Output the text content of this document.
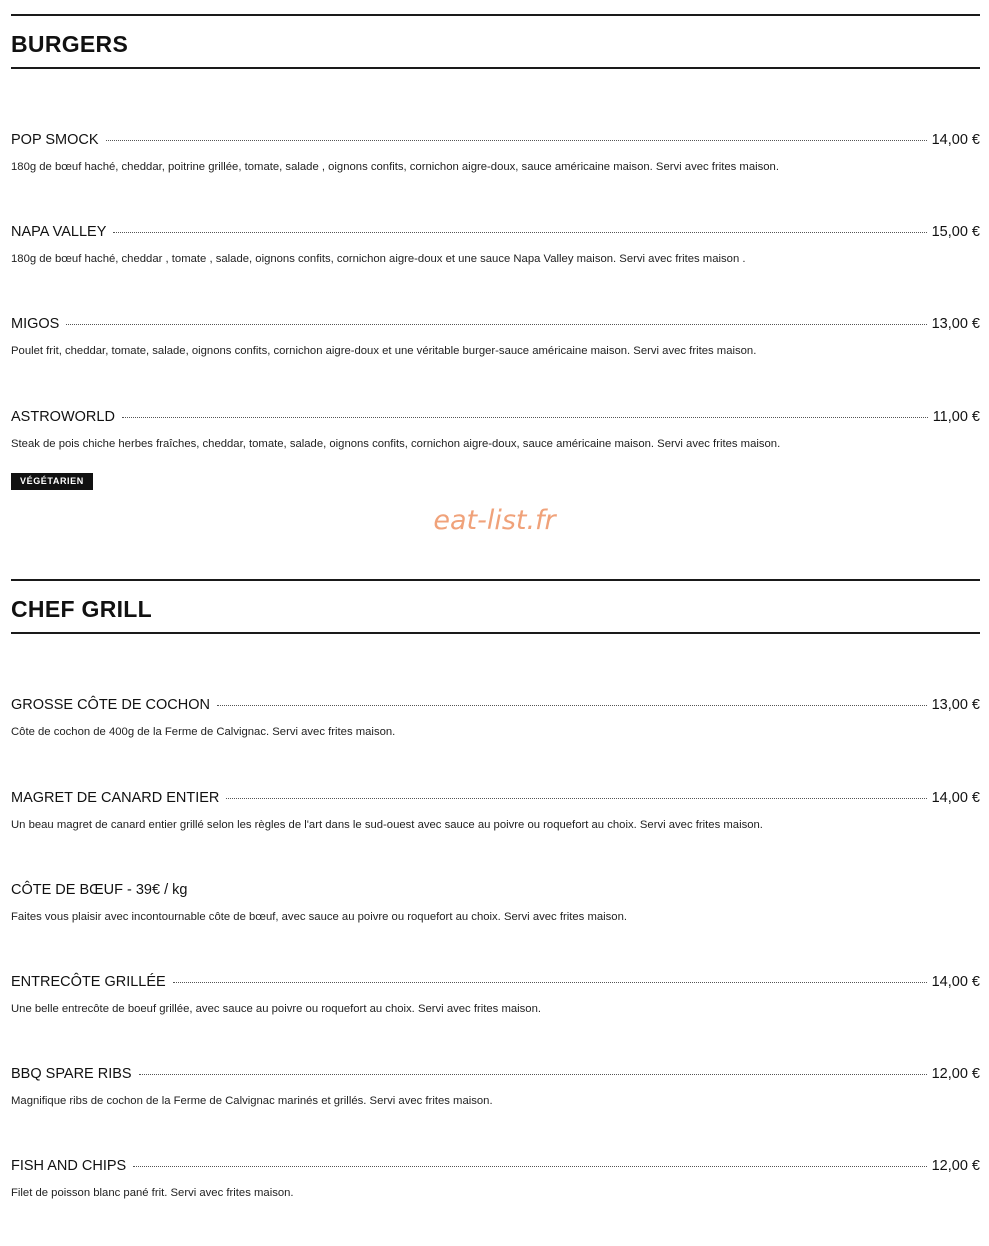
BURGERS
POP SMOCK	14,00 €
180g de bœuf haché, cheddar, poitrine grillée, tomate, salade , oignons confits, cornichon aigre-doux, sauce américaine maison. Servi avec frites maison.
NAPA VALLEY	15,00 €
180g de bœuf haché, cheddar , tomate , salade, oignons confits, cornichon aigre-doux et une sauce Napa Valley maison. Servi avec frites maison .
MIGOS	13,00 €
Poulet frit, cheddar, tomate, salade, oignons confits, cornichon aigre-doux et une véritable burger-sauce américaine maison. Servi avec frites maison.
ASTROWORLD	11,00 €
Steak de pois chiche herbes fraîches, cheddar, tomate, salade, oignons confits, cornichon aigre-doux, sauce américaine maison. Servi avec frites maison.
VÉGÉTARIEN
eat-list.fr
CHEF GRILL
GROSSE CÔTE DE COCHON	13,00 €
Côte de cochon de 400g de la Ferme de Calvignac. Servi avec frites maison.
MAGRET DE CANARD ENTIER	14,00 €
Un beau magret de canard entier grillé selon les règles de l'art dans le sud-ouest avec sauce au poivre ou roquefort au choix. Servi avec frites maison.
CÔTE DE BŒUF - 39€ / kg
Faites vous plaisir avec incontournable côte de bœuf, avec sauce au poivre ou roquefort au choix. Servi avec frites maison.
ENTRECÔTE GRILLÉE	14,00 €
Une belle entrecôte de boeuf grillée, avec sauce au poivre ou roquefort au choix. Servi avec frites maison.
BBQ SPARE RIBS	12,00 €
Magnifique ribs de cochon de la Ferme de Calvignac marinés et grillés. Servi avec frites maison.
FISH AND CHIPS	12,00 €
Filet de poisson blanc pané frit. Servi avec frites maison.
